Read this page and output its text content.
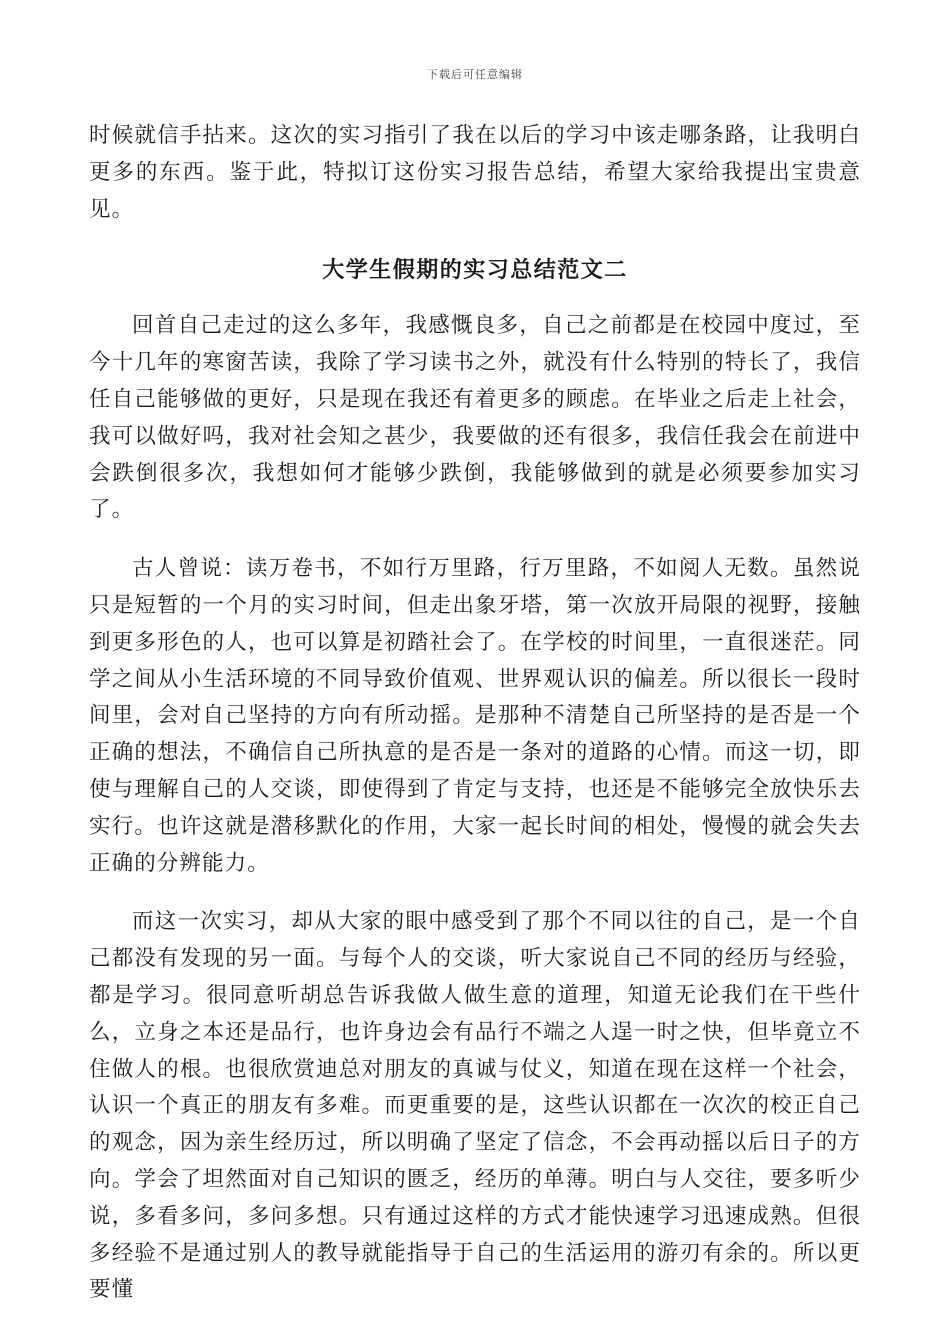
下载后可任意编辑

时候就信手拈来。这次的实习指引了我在以后的学习中该走哪条路，让我明白更多的东西。鉴于此，特拟订这份实习报告总结，希望大家给我提出宝贵意见。

大学生假期的实习总结范文二

回首自己走过的这么多年，我感慨良多，自己之前都是在校园中度过，至今十几年的寒窗苦读，我除了学习读书之外，就没有什么特别的特长了，我信任自己能够做的更好，只是现在我还有着更多的顾虑。在毕业之后走上社会，我可以做好吗，我对社会知之甚少，我要做的还有很多，我信任我会在前进中会跌倒很多次，我想如何才能够少跌倒，我能够做到的就是必须要参加实习了。

古人曾说：读万卷书，不如行万里路，行万里路，不如阅人无数。虽然说只是短暂的一个月的实习时间，但走出象牙塔，第一次放开局限的视野，接触到更多形色的人，也可以算是初踏社会了。在学校的时间里，一直很迷茫。同学之间从小生活环境的不同导致价值观、世界观认识的偏差。所以很长一段时间里，会对自己坚持的方向有所动摇。是那种不清楚自己所坚持的是否是一个正确的想法，不确信自己所执意的是否是一条对的道路的心情。而这一切，即使与理解自己的人交谈，即使得到了肯定与支持，也还是不能够完全放快乐去实行。也许这就是潜移默化的作用，大家一起长时间的相处，慢慢的就会失去正确的分辨能力。

而这一次实习，却从大家的眼中感受到了那个不同以往的自己，是一个自己都没有发现的另一面。与每个人的交谈，听大家说自己不同的经历与经验，都是学习。很同意听胡总告诉我做人做生意的道理，知道无论我们在干些什么，立身之本还是品行，也许身边会有品行不端之人逞一时之快，但毕竟立不住做人的根。也很欣赏迪总对朋友的真诚与仗义，知道在现在这样一个社会，认识一个真正的朋友有多难。而更重要的是，这些认识都在一次次的校正自己的观念，因为亲生经历过，所以明确了坚定了信念，不会再动摇以后日子的方向。学会了坦然面对自己知识的匮乏，经历的单薄。明白与人交往，要多听少说，多看多问，多问多想。只有通过这样的方式才能快速学习迅速成熟。但很多经验不是通过别人的教导就能指导于自己的生活运用的游刃有余的。所以更要懂
